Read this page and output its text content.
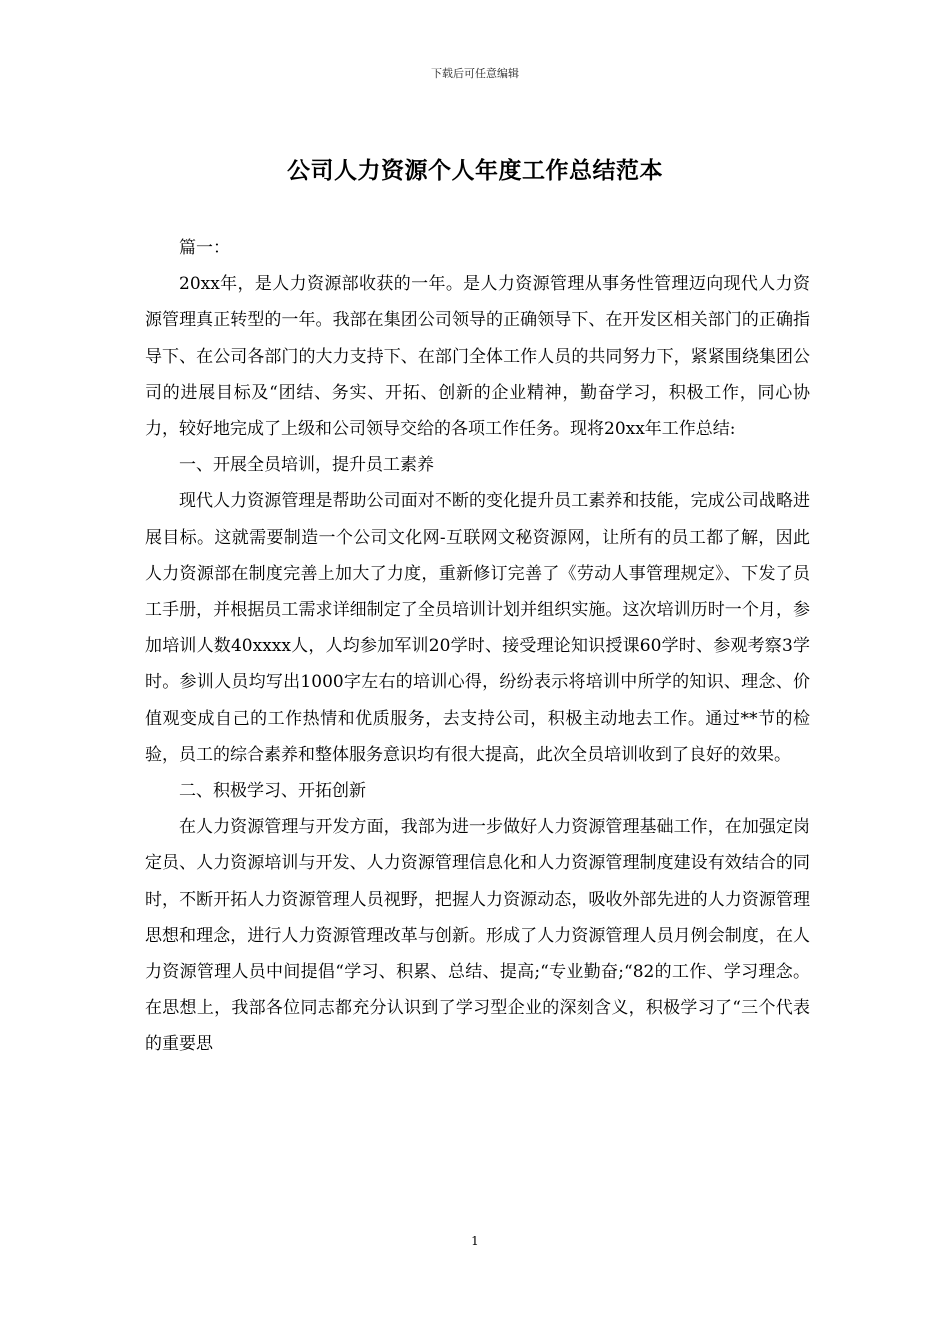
下载后可任意编辑
公司人力资源个人年度工作总结范本

篇一：

20xx年，是人力资源部收获的一年。是人力资源管理从事务性管理迈向现代人力资源管理真正转型的一年。我部在集团公司领导的正确领导下、在开发区相关部门的正确指导下、在公司各部门的大力支持下、在部门全体工作人员的共同努力下，紧紧围绕集团公司的进展目标及“团结、务实、开拓、创新的企业精神，勤奋学习，积极工作，同心协力，较好地完成了上级和公司领导交给的各项工作任务。现将20xx年工作总结:

一、开展全员培训，提升员工素养

现代人力资源管理是帮助公司面对不断的变化提升员工素养和技能，完成公司战略进展目标。这就需要制造一个公司文化网-互联网文秘资源网，让所有的员工都了解，因此人力资源部在制度完善上加大了力度，重新修订完善了《劳动人事管理规定》、下发了员工手册，并根据员工需求详细制定了全员培训计划并组织实施。这次培训历时一个月，参加培训人数40xxxx人，人均参加军训20学时、接受理论知识授课60学时、参观考察3学时。参训人员均写出1000字左右的培训心得，纷纷表示将培训中所学的知识、理念、价值观变成自己的工作热情和优质服务，去支持公司，积极主动地去工作。通过**节的检验，员工的综合素养和整体服务意识均有很大提高，此次全员培训收到了良好的效果。

二、积极学习、开拓创新

在人力资源管理与开发方面，我部为进一步做好人力资源管理基础工作，在加强定岗定员、人力资源培训与开发、人力资源管理信息化和人力资源管理制度建设有效结合的同时，不断开拓人力资源管理人员视野，把握人力资源动态，吸收外部先进的人力资源管理思想和理念，进行人力资源管理改革与创新。形成了人力资源管理人员月例会制度，在人力资源管理人员中间提倡“学习、积累、总结、提高;“专业勤奋;“82的工作、学习理念。在思想上，我部各位同志都充分认识到了学习型企业的深刻含义，积极学习了“三个代表的重要思

1
